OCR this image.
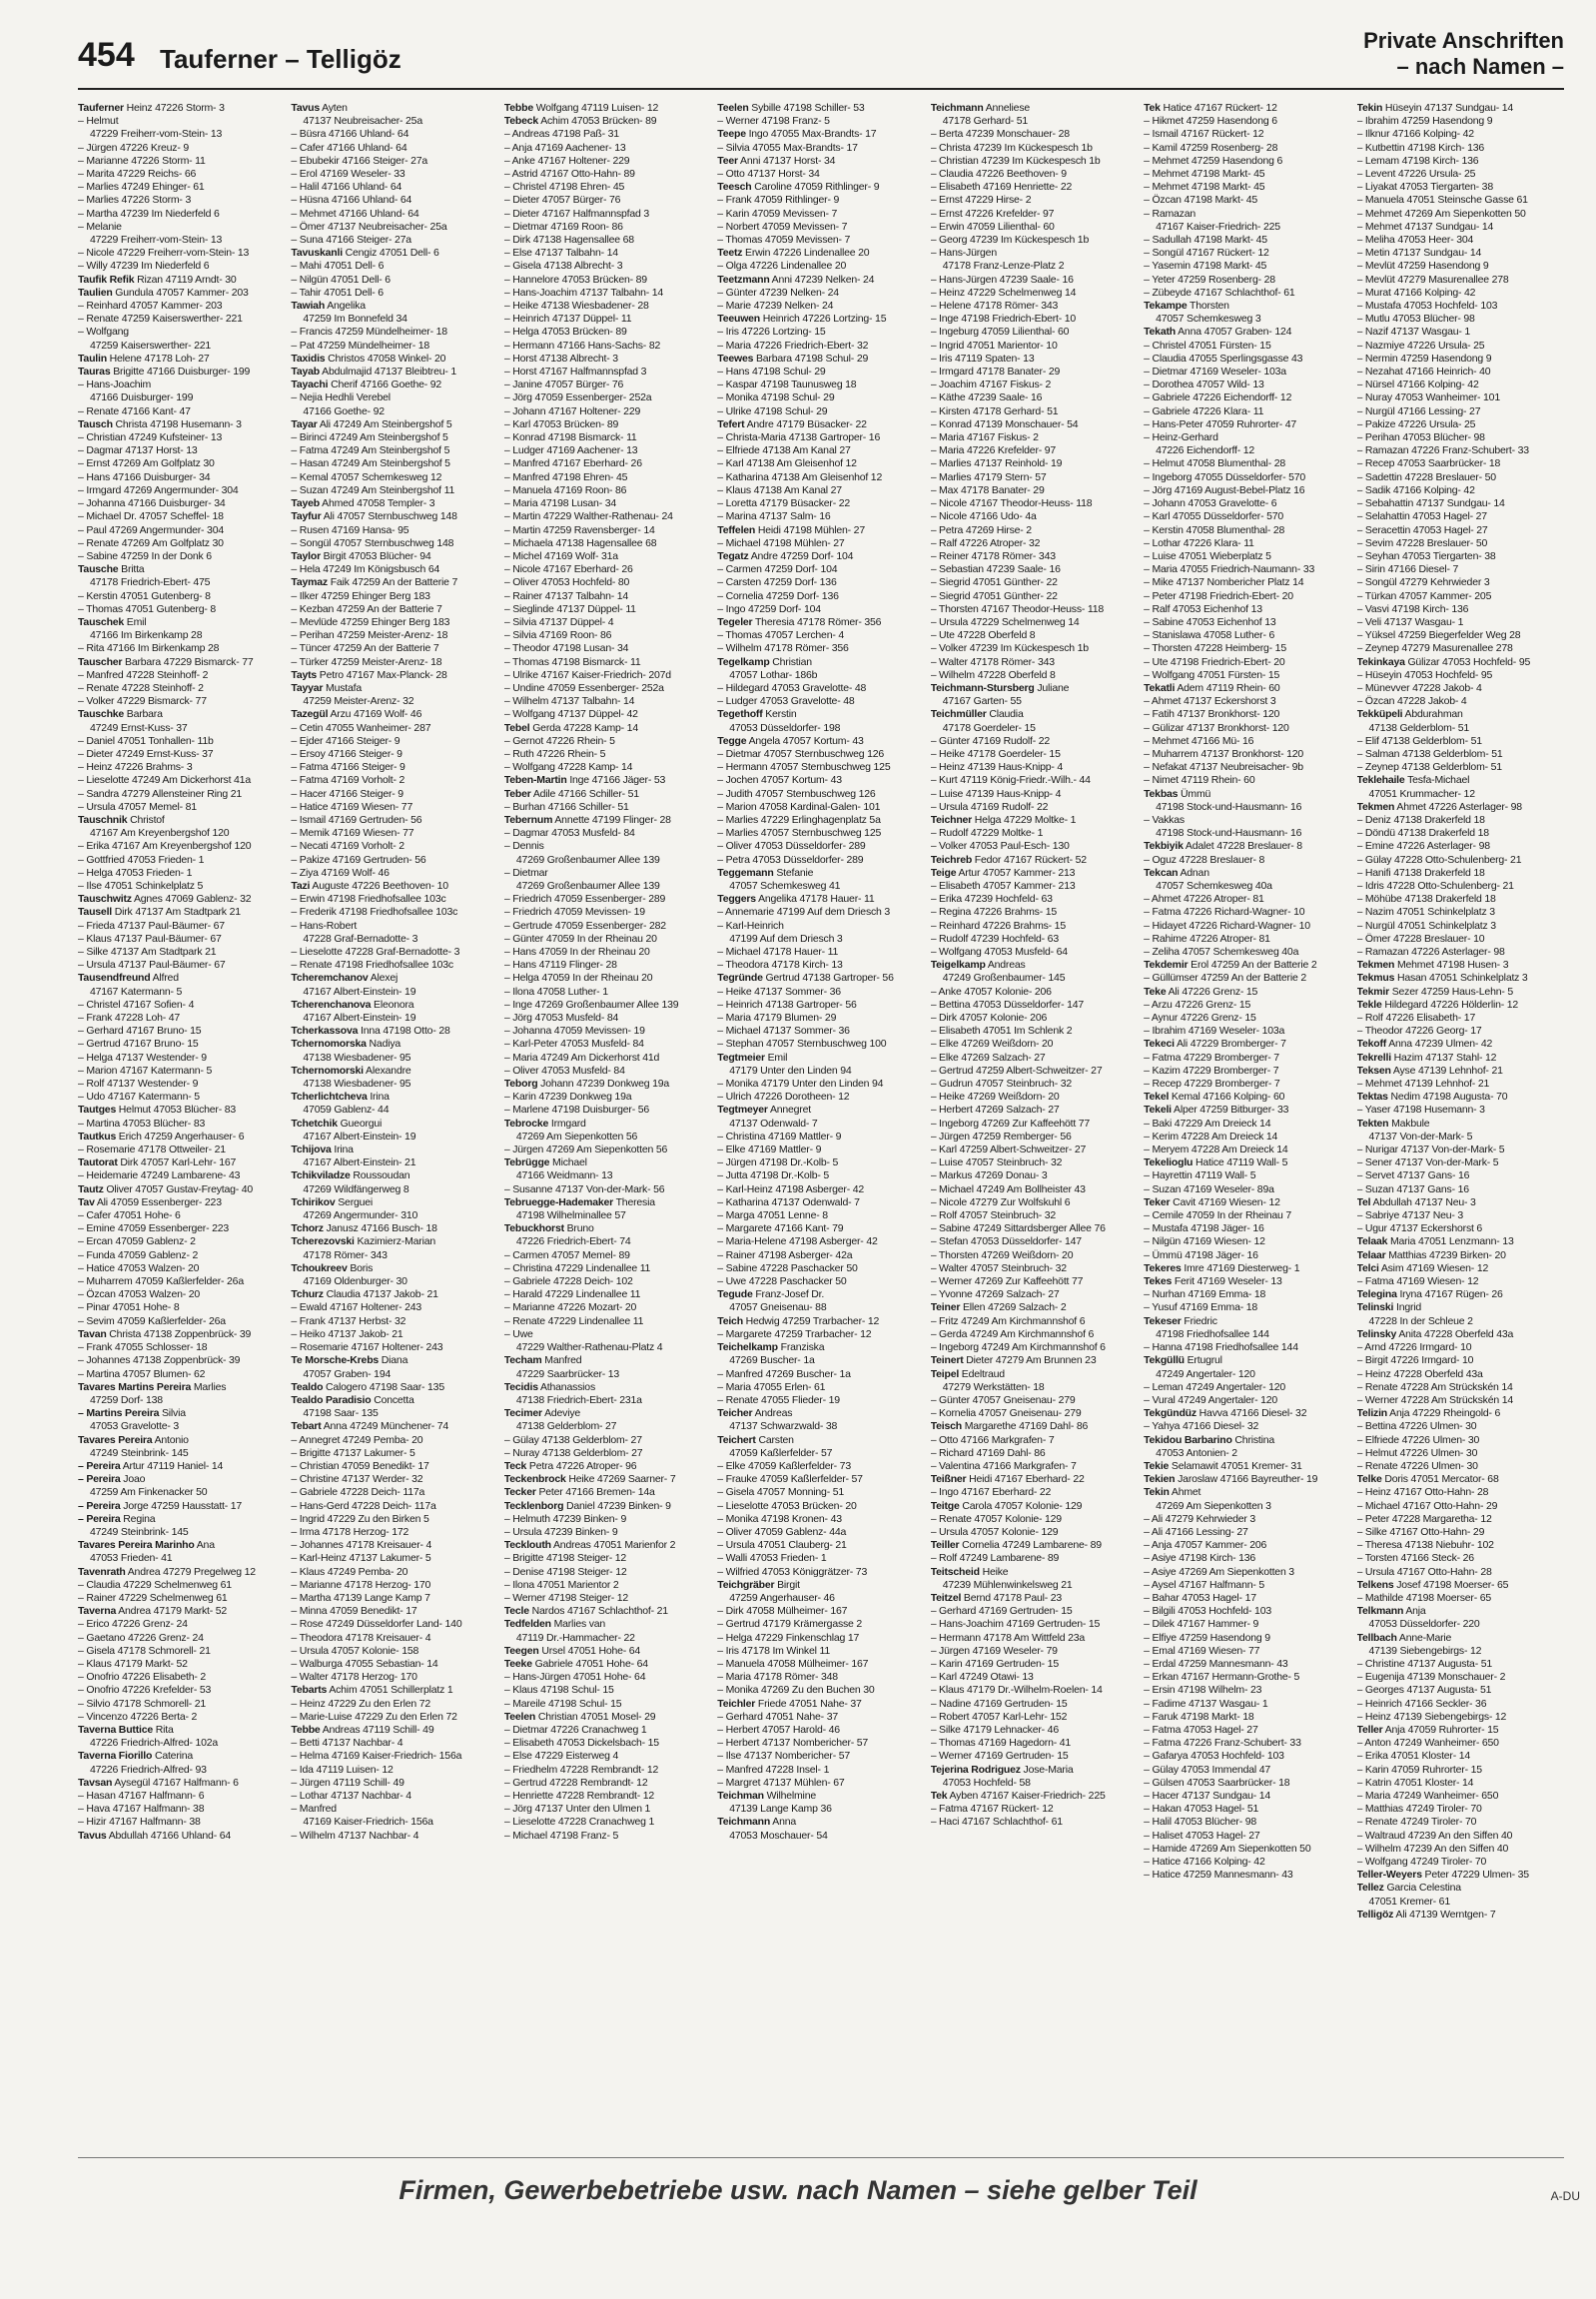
454 Tauferner – Telligöz
Private Anschriften
– nach Namen –
Tauferner Heinz 47226 Storm- 3
– Helmut
47229 Freiherr-vom-Stein- 13
– Jürgen 47226 Kreuz- 9
– Marianne 47226 Storm- 11
– Marita 47229 Reichs- 66
– Marlies 47249 Ehinger- 61
– Marlies 47226 Storm- 3
– Martha 47239 Im Niederfeld 6
– Melanie
47229 Freiherr-vom-Stein- 13
– Nicole 47229 Freiherr-vom-Stein- 13
– Willy 47239 Im Niederfeld 6
Taufik Refik Rizan 47119 Arndt- 30
Taulien Gundula 47057 Kammer- 203
– Reinhard 47057 Kammer- 203
– Renate 47259 Kaiserswerther- 221
– Wolfgang
47259 Kaiserswerther- 221
Taulin Helene 47178 Loh- 27
Tauras Brigitte 47166 Duisburger- 199
– Hans-Joachim
47166 Duisburger- 199
– Renate 47166 Kant- 47
Tausch Christa 47198 Husemann- 3
– Christian 47249 Kufsteiner- 13
– Dagmar 47137 Horst- 13
– Ernst 47269 Am Golfplatz 30
– Hans 47166 Duisburger- 34
– Irmgard 47269 Angermunder- 304
– Johanna 47166 Duisburger- 34
– Michael Dr. 47057 Scheffel- 18
– Paul 47269 Angermunder- 304
– Renate 47269 Am Golfplatz 30
– Sabine 47259 In der Donk 6
Tausche Britta
47178 Friedrich-Ebert- 475
– Kerstin 47051 Gutenberg- 8
– Thomas 47051 Gutenberg- 8
Tauschek Emil
47166 Im Birkenkamp 28
– Rita 47166 Im Birkenkamp 28
Tauscher Barbara 47229 Bismarck- 77
– Manfred 47228 Steinhoff- 2
– Renate 47228 Steinhoff- 2
– Volker 47229 Bismarck- 77
Tauschke Barbara
47249 Ernst-Kuss- 37
– Daniel 47051 Tonhallen- 11b
– Dieter 47249 Ernst-Kuss- 37
– Heinz 47226 Brahms- 3
– Lieselotte 47249 Am Dickerhorst 41a
– Sandra 47279 Allensteiner Ring 21
– Ursula 47057 Memel- 81
Tauschnik Christof
47167 Am Kreyenbergshof 120
– Erika 47167 Am Kreyenbergshof 120
– Gottfried 47053 Frieden- 1
– Helga 47053 Frieden- 1
– Ilse 47051 Schinkelplatz 5
Tauschwitz Agnes 47069 Gablenz- 32
Tausell Dirk 47137 Am Stadtpark 21
– Frieda 47137 Paul-Bäumer- 67
– Klaus 47137 Paul-Bäumer- 67
– Silke 47137 Am Stadtpark 21
– Ursula 47137 Paul-Bäumer- 67
Tausendfreund Alfred
47167 Katermann- 5
– Christel 47167 Sofien- 4
– Frank 47228 Loh- 47
– Gerhard 47167 Bruno- 15
– Gertrud 47167 Bruno- 15
– Helga 47137 Westender- 9
– Marion 47167 Katermann- 5
– Rolf 47137 Westender- 9
– Udo 47167 Katermann- 5
Tautges Helmut 47053 Blücher- 83
– Martina 47053 Blücher- 83
Tautkus Erich 47259 Angerhauser- 6
– Rosemarie 47178 Ottweiler- 21
Tautorat Dirk 47057 Karl-Lehr- 167
– Heidemarie 47249 Lambarene- 43
Tautz Oliver 47057 Gustav-Freytag- 40
Tav Ali 47059 Essenberger- 223
– Cafer 47051 Hohe- 6
– Emine 47059 Essenberger- 223
– Ercan 47059 Gablenz- 2
– Funda 47059 Gablenz- 2
– Hatice 47053 Walzen- 20
– Muharrem 47059 Kaßlerfelder- 26a
– Özcan 47053 Walzen- 20
– Pinar 47051 Hohe- 8
– Sevim 47059 Kaßlerfelder- 26a
Tavan Christa 47138 Zoppenbrück- 39
– Frank 47055 Schlosser- 18
– Johannes 47138 Zoppenbrück- 39
– Martina 47057 Blumen- 62
Tavares Martins Pereira Marlies
47259 Dorf- 138
– Martins Pereira Silvia
47053 Gravelotte- 3
Tavares Pereira Antonio
47249 Steinbrink- 145
– Pereira Artur 47119 Haniel- 14
– Pereira Joao
47259 Am Finkenacker 50
– Pereira Jorge 47259 Hausstatt- 17
– Pereira Regina
47249 Steinbrink- 145
Tavares Pereira Marinho Ana
47053 Frieden- 41
Tavenrath Andrea 47279 Pregelweg 12
– Claudia 47229 Schelmenweg 61
– Rainer 47229 Schelmenweg 61
Taverna Andrea 47179 Markt- 52
– Erico 47226 Grenz- 24
– Gaetano 47226 Grenz- 24
– Gisela 47178 Schmorell- 21
– Klaus 47179 Markt- 52
– Onofrio 47226 Elisabeth- 2
– Onofrio 47226 Krefelder- 53
– Silvio 47178 Schmorell- 21
– Vincenzo 47226 Berta- 2
Taverna Buttice Rita
47226 Friedrich-Alfred- 102a
Taverna Fiorillo Caterina
47226 Friedrich-Alfred- 93
Tavsan Aysegül 47167 Halfmann- 6
– Hasan 47167 Halfmann- 6
– Hava 47167 Halfmann- 38
– Hizir 47167 Halfmann- 38
Tavus Abdullah 47166 Uhland- 64
Tavus Ayten
47137 Neubreisacher- 25a
– Büsra 47166 Uhland- 64
– Cafer 47166 Uhland- 64
– Ebubekir 47166 Steiger- 27a
– Erol 47169 Weseler- 33
– Halil 47166 Uhland- 64
– Hüsna 47166 Uhland- 64
– Mehmet 47166 Uhland- 64
– Ömer 47137 Neubreisacher- 25a
– Suna 47166 Steiger- 27a
Tavuskanli Cengiz 47051 Dell- 6
– Mahi 47051 Dell- 6
– Nilgün 47051 Dell- 6
– Tahir 47051 Dell- 6
Tawiah Angelika
47259 Im Bonnefeld 34
– Francis 47259 Mündelheimer- 18
– Pat 47259 Mündelheimer- 18
Taxidis Christos 47058 Winkel- 20
Tayab Abdulmajid 47137 Bleibtreu- 1
Tayachi Cherif 47166 Goethe- 92
– Nejia Hedhli Verebel
47166 Goethe- 92
Tayar Ali 47249 Am Steinbergshof 5
– Birinci 47249 Am Steinbergshof 5
– Fatma 47249 Am Steinbergshof 5
– Hasan 47249 Am Steinbergshof 5
– Kemal 47057 Schemkesweg 12
– Suzan 47249 Am Steinbergshof 11
Tayeb Ahmed 47058 Templer- 3
Tayfur Ali 47057 Sternbuschweg 148
– Rusen 47169 Hansa- 95
– Songül 47057 Sternbuschweg 148
Taylor Birgit 47053 Blücher- 94
– Hela 47249 Im Königsbusch 64
Taymaz Faik 47259 An der Batterie 7
– Ilker 47259 Ehinger Berg 183
– Kezban 47259 An der Batterie 7
– Mevlüde 47259 Ehinger Berg 183
– Perihan 47259 Meister-Arenz- 18
– Tüncer 47259 An der Batterie 7
– Türker 47259 Meister-Arenz- 18
Tayts Petro 47167 Max-Planck- 28
Tayyar Mustafa
47259 Meister-Arenz- 32
Tazegül Arzu 47169 Wolf- 46
– Cetin 47055 Wanheimer- 287
– Ejder 47166 Steiger- 9
– Ersoy 47166 Steiger- 9
– Fatma 47166 Steiger- 9
– Fatma 47169 Vorholt- 2
– Hacer 47166 Steiger- 9
– Hatice 47169 Wiesen- 77
– Ismail 47169 Gertruden- 56
– Memik 47169 Wiesen- 77
– Necati 47169 Vorholt- 2
– Pakize 47169 Gertruden- 56
– Ziya 47169 Wolf- 46
Tazi Auguste 47226 Beethoven- 10
– Erwin 47198 Friedhofsallee 103c
– Frederik 47198 Friedhofsallee 103c
– Hans-Robert
47228 Graf-Bernadotte- 3
– Lieselotte 47228 Graf-Bernadotte- 3
– Renate 47198 Friedhofsallee 103c
Tcheremchanov Alexej
47167 Albert-Einstein- 19
Tcherenchanova Eleonora
47167 Albert-Einstein- 19
Tcherkassova Inna 47198 Otto- 28
Tchernomorska Nadiya
47138 Wiesbadener- 95
Tchernomorski Alexandre
47138 Wiesbadener- 95
Tcherlichtcheva Irina
47059 Gablenz- 44
Tchetchik Gueorgui
47167 Albert-Einstein- 19
Tchijova Irina
47167 Albert-Einstein- 21
Tchikviladze Roussoudan
47269 Wildfängerweg 8
Tchirikov Serguei
47269 Angermunder- 310
Tchorz Janusz 47166 Busch- 18
Tcherezovski Kazimierz-Marian
47178 Römer- 343
Tchoukreev Boris
47169 Oldenburger- 30
Tchurz Claudia 47137 Jakob- 21
– Ewald 47167 Holtener- 243
– Frank 47137 Herbst- 32
– Heiko 47137 Jakob- 21
– Rosemarie 47167 Holtener- 243
Te Morsche-Krebs Diana
47057 Graben- 194
Tealdo Calogero 47198 Saar- 135
Tealdo Paradisio Concetta
47198 Saar- 135
Tebart Anna 47249 Münchener- 74
– Annegret 47249 Pemba- 20
– Brigitte 47137 Lakumer- 5
– Christian 47059 Benedikt- 17
– Christine 47137 Werder- 32
– Gabriele 47228 Deich- 117a
– Hans-Gerd 47228 Deich- 117a
– Ingrid 47229 Zu den Birken 5
– Irma 47178 Herzog- 172
– Johannes 47178 Kreisauer- 4
– Karl-Heinz 47137 Lakumer- 5
– Klaus 47249 Pemba- 20
– Marianne 47178 Herzog- 170
– Martha 47139 Lange Kamp 7
– Minna 47059 Benedikt- 17
– Rose 47249 Düsseldorfer Land- 140
– Theodora 47178 Kreisauer- 4
– Ursula 47057 Kolonie- 158
– Walburga 47055 Sebastian- 14
– Walter 47178 Herzog- 170
Tebarts Achim 47051 Schillerplatz 1
– Heinz 47229 Zu den Erlen 72
– Marie-Luise 47229 Zu den Erlen 72
Tebbe Andreas 47119 Schill- 49
– Betti 47137 Nachbar- 4
– Helma 47169 Kaiser-Friedrich- 156a
– Ida 47119 Luisen- 12
– Jürgen 47119 Schill- 49
– Lothar 47137 Nachbar- 4
– Manfred
47169 Kaiser-Friedrich- 156a
– Wilhelm 47137 Nachbar- 4
Tebbe Wolfgang 47119 Luisen- 12
Tebeck Achim 47053 Brücken- 89
– Andreas 47198 Paß- 31
– Anja 47169 Aachener- 13
– Anke 47167 Holtener- 229
– Astrid 47167 Otto-Hahn- 89
– Christel 47198 Ehren- 45
– Dieter 47057 Bürger- 76
– Dieter 47167 Halfmannspfad 3
– Dietmar 47169 Roon- 86
– Dirk 47138 Hagensallee 68
– Else 47137 Talbahn- 14
– Gisela 47138 Albrecht- 3
– Hannelore 47053 Brücken- 89
– Hans-Joachim 47137 Talbahn- 14
– Heike 47138 Wiesbadener- 28
– Heinrich 47137 Düppel- 11
– Helga 47053 Brücken- 89
– Hermann 47166 Hans-Sachs- 82
– Horst 47138 Albrecht- 3
– Horst 47167 Halfmannspfad 3
– Janine 47057 Bürger- 76
– Jörg 47059 Essenberger- 252a
– Johann 47167 Holtener- 229
– Karl 47053 Brücken- 89
– Konrad 47198 Bismarck- 11
– Ludger 47169 Aachener- 13
– Manfred 47167 Eberhard- 26
– Manfred 47198 Ehren- 45
– Manuela 47169 Roon- 86
– Maria 47198 Lusan- 34
– Martin 47229 Walther-Rathenau- 24
– Martin 47259 Ravensberger- 14
– Michaela 47138 Hagensallee 68
– Michel 47169 Wolf- 31a
– Nicole 47167 Eberhard- 26
– Oliver 47053 Hochfeld- 80
– Rainer 47137 Talbahn- 14
– Sieglinde 47137 Düppel- 11
– Silvia 47137 Düppel- 4
– Silvia 47169 Roon- 86
– Theodor 47198 Lusan- 34
– Thomas 47198 Bismarck- 11
– Ulrike 47167 Kaiser-Friedrich- 207d
– Undine 47059 Essenberger- 252a
– Wilhelm 47137 Talbahn- 14
– Wolfgang 47137 Düppel- 42
Tebel Gerda 47228 Kamp- 14
– Gernot 47226 Rhein- 5
– Ruth 47226 Rhein- 5
– Wolfgang 47228 Kamp- 14
Teben-Martin Inge 47166 Jäger- 53
Teber Adile 47166 Schiller- 51
– Burhan 47166 Schiller- 51
Tebernum Annette 47199 Flinger- 28
– Dagmar 47053 Musfeld- 84
– Dennis
47269 Großenbaumer Allee 139
– Dietmar
47269 Großenbaumer Allee 139
– Friedrich 47059 Essenberger- 289
– Friedrich 47059 Mevissen- 19
– Gertrude 47059 Essenberger- 282
– Günter 47059 In der Rheinau 20
– Hans 47059 In der Rheinau 20
– Hans 47119 Flinger- 28
– Helga 47059 In der Rheinau 20
– Ilona 47058 Luther- 1
– Inge 47269 Großenbaumer Allee 139
– Jörg 47053 Musfeld- 84
– Johanna 47059 Mevissen- 19
– Karl-Peter 47053 Musfeld- 84
– Maria 47249 Am Dickerhorst 41d
– Oliver 47053 Musfeld- 84
Teborg Johann 47239 Donkweg 19a
– Karin 47239 Donkweg 19a
– Marlene 47198 Duisburger- 56
Tebrocke Irmgard
47269 Am Siepenkotten 56
– Jürgen 47269 Am Siepenkotten 56
Tebrügge Michael
47166 Weidmann- 13
– Susanne 47137 Von-der-Mark- 56
Tebruegge-Hademaker Theresia
47198 Wilhelminallee 57
Tebuckhorst Bruno
47226 Friedrich-Ebert- 74
– Carmen 47057 Memel- 89
– Christina 47229 Lindenallee 11
– Gabriele 47228 Deich- 102
– Harald 47229 Lindenallee 11
– Marianne 47226 Mozart- 20
– Renate 47229 Lindenallee 11
– Uwe
47229 Walther-Rathenau-Platz 4
Techam Manfred
47229 Saarbrücker- 13
Tecidis Athanassios
47138 Friedrich-Ebert- 231a
Tecimer Adeviye
47138 Gelderblom- 27
– Gülay 47138 Gelderblom- 27
– Nuray 47138 Gelderblom- 27
Teck Petra 47226 Atroper- 96
Teckenbrock Heike 47269 Saarner- 7
Tecker Peter 47166 Bremen- 14a
Tecklenborg Daniel 47239 Binken- 9
– Helmuth 47239 Binken- 9
– Ursula 47239 Binken- 9
Tecklouth Andreas 47051 Marienfor 2
– Brigitte 47198 Steiger- 12
– Denise 47198 Steiger- 12
– Ilona 47051 Marientor 2
– Werner 47198 Steiger- 12
Tecle Nardos 47167 Schlachthof- 21
Tedfelden Marlies van
47119 Dr.-Hammacher- 22
Teegen Ursel 47051 Hohe- 64
Teeke Gabriele 47051 Hohe- 64
– Hans-Jürgen 47051 Hohe- 64
– Klaus 47198 Schul- 15
– Mareile 47198 Schul- 15
Teelen Christian 47051 Mosel- 29
– Dietmar 47226 Cranachweg 1
– Elisabeth 47053 Dickelsbach- 15
– Else 47229 Eisterweg 4
– Friedhelm 47228 Rembrandt- 12
– Gertrud 47228 Rembrandt- 12
– Henriette 47228 Rembrandt- 12
– Jörg 47137 Unter den Ulmen 1
– Lieselotte 47228 Cranachweg 1
– Michael 47198 Franz- 5
Teelen Sybille 47198 Schiller- 53
– Werner 47198 Franz- 5
Teepe Ingo 47055 Max-Brandts- 17
– Silvia 47055 Max-Brandts- 17
Teer Anni 47137 Horst- 34
– Otto 47137 Horst- 34
Teesch Caroline 47059 Rithlinger- 9
– Frank 47059 Rithlinger- 9
– Karin 47059 Mevissen- 7
– Norbert 47059 Mevissen- 7
– Thomas 47059 Mevissen- 7
Teetz Erwin 47226 Lindenallee 20
– Olga 47226 Lindenallee 20
Teetzmann Anni 47239 Nelken- 24
– Günter 47239 Nelken- 24
– Marie 47239 Nelken- 24
Teeuwen Heinrich 47226 Lortzing- 15
– Iris 47226 Lortzing- 15
– Maria 47226 Friedrich-Ebert- 32
Teewes Barbara 47198 Schul- 29
– Hans 47198 Schul- 29
– Kaspar 47198 Taunusweg 18
– Monika 47198 Schul- 29
– Ulrike 47198 Schul- 29
Tefert Andre 47179 Büsacker- 22
– Christa-Maria 47138 Gartroper- 16
– Elfriede 47138 Am Kanal 27
– Karl 47138 Am Gleisenhof 12
– Katharina 47138 Am Gleisenhof 12
– Klaus 47138 Am Kanal 27
– Loretta 47179 Büsacker- 22
– Marina 47137 Salm- 16
Teffelen Heidi 47198 Mühlen- 27
– Michael 47198 Mühlen- 27
Tegatz Andre 47259 Dorf- 104
– Carmen 47259 Dorf- 104
– Carsten 47259 Dorf- 136
– Cornelia 47259 Dorf- 136
– Ingo 47259 Dorf- 104
Tegeler Theresia 47178 Römer- 356
– Thomas 47057 Lerchen- 4
– Wilhelm 47178 Römer- 356
Tegelkamp Christian
47057 Lothar- 186b
– Hildegard 47053 Gravelotte- 48
– Ludger 47053 Gravelotte- 48
Tegethoff Kerstin
47053 Düsseldorfer- 198
Tegge Angela 47057 Kortum- 43
– Dietmar 47057 Sternbuschweg 126
– Hermann 47057 Sternbuschweg 125
– Jochen 47057 Kortum- 43
– Judith 47057 Sternbuschweg 126
– Marion 47058 Kardinal-Galen- 101
– Marlies 47229 Erlinghagenplatz 5a
– Marlies 47057 Sternbuschweg 125
– Oliver 47053 Düsseldorfer- 289
– Petra 47053 Düsseldorfer- 289
Teggemann Stefanie
47057 Schemkesweg 41
Teggers Angelika 47178 Hauer- 11
– Annemarie 47199 Auf dem Driesch 3
– Karl-Heinrich
47199 Auf dem Driesch 3
– Michael 47178 Hauer- 11
– Theodora 47178 Kirch- 13
Tegründe Gertrud 47138 Gartroper- 56
– Heike 47137 Sommer- 36
– Heinrich 47138 Gartroper- 56
– Maria 47179 Blumen- 29
– Michael 47137 Sommer- 36
– Stephan 47057 Sternbuschweg 100
Tegtmeier Emil
47179 Unter den Linden 94
– Monika 47179 Unter den Linden 94
– Ulrich 47226 Dorotheen- 12
Tegtmeyer Annegret
47137 Odenwald- 7
– Christina 47169 Mattler- 9
– Elke 47169 Mattler- 9
– Jürgen 47198 Dr.-Kolb- 5
– Jutta 47198 Dr.-Kolb- 5
– Karl-Heinz 47198 Asberger- 42
– Katharina 47137 Odenwald- 7
– Marga 47051 Lenne- 8
– Margarete 47166 Kant- 79
– Maria-Helene 47198 Asberger- 42
– Rainer 47198 Asberger- 42a
– Sabine 47228 Paschacker 50
– Uwe 47228 Paschacker 50
Tegude Franz-Josef Dr.
47057 Gneisenau- 88
Teich Hedwig 47259 Trarbacher- 12
– Margarete 47259 Trarbacher- 12
Teichelkamp Franziska
47269 Buscher- 1a
– Manfred 47269 Buscher- 1a
– Maria 47055 Erlen- 61
– Renate 47055 Flieder- 19
Teicher Andreas
47137 Schwarzwald- 38
Teichert Carsten
47059 Kaßlerfelder- 57
– Elke 47059 Kaßlerfelder- 73
– Frauke 47059 Kaßlerfelder- 57
– Gisela 47057 Monning- 51
– Lieselotte 47053 Brücken- 20
– Monika 47198 Kronen- 43
– Oliver 47059 Gablenz- 44a
– Ursula 47051 Clauberg- 21
– Walli 47053 Frieden- 1
– Wilfried 47053 Königgrätzer- 73
Teichgräber Birgit
47259 Angerhauser- 46
– Dirk 47058 Mülheimer- 167
– Gertrud 47179 Krämergasse 2
– Helga 47229 Finkenschlag 17
– Iris 47178 Im Winkel 11
– Manuela 47058 Mülheimer- 167
– Maria 47178 Römer- 348
– Monika 47269 Zu den Buchen 30
Teichler Friede 47051 Nahe- 37
– Gerhard 47051 Nahe- 37
– Herbert 47057 Harold- 46
– Herbert 47137 Nombericher- 57
– Ilse 47137 Nombericher- 57
– Manfred 47228 Insel- 1
– Margret 47137 Mühlen- 67
Teichman Wilhelmine
47139 Lange Kamp 36
Teichmann Anna
47053 Moschauer- 54
Teichmann Anneliese
47178 Gerhard- 51
– Berta 47239 Monschauer- 28
– Christa 47239 Im Kückespesch 1b
– Christian 47239 Im Kückespesch 1b
– Claudia 47226 Beethoven- 9
– Elisabeth 47169 Henriette- 22
– Ernst 47229 Hirse- 2
– Ernst 47226 Krefelder- 97
– Erwin 47059 Lilienthal- 60
– Georg 47239 Im Kückespesch 1b
– Hans-Jürgen
47178 Franz-Lenze-Platz 2
– Hans-Jürgen 47239 Saale- 16
– Heinz 47229 Schelmenweg 14
– Helene 47178 Römer- 343
– Inge 47198 Friedrich-Ebert- 10
– Ingeburg 47059 Lilienthal- 60
– Ingrid 47051 Marientor- 10
– Iris 47119 Spaten- 13
– Irmgard 47178 Banater- 29
– Joachim 47167 Fiskus- 2
– Käthe 47239 Saale- 16
– Kirsten 47178 Gerhard- 51
– Konrad 47139 Monschauer- 54
– Maria 47167 Fiskus- 2
– Maria 47226 Krefelder- 97
– Marlies 47137 Reinhold- 19
– Marlies 47179 Stern- 57
– Max 47178 Banater- 29
– Nicole 47167 Theodor-Heuss- 118
– Nicole 47166 Udo- 4a
– Petra 47269 Hirse- 2
– Ralf 47226 Atroper- 32
– Reiner 47178 Römer- 343
– Sebastian 47239 Saale- 16
– Siegrid 47051 Günther- 22
– Siegrid 47051 Günther- 22
– Thorsten 47167 Theodor-Heuss- 118
– Ursula 47229 Schelmenweg 14
– Ute 47228 Oberfeld 8
– Volker 47239 Im Kückespesch 1b
– Walter 47178 Römer- 343
– Wilhelm 47228 Oberfeld 8
Teichmann-Stursberg Juliane
47167 Garten- 55
Teichmüller Claudia
47178 Goerdeler- 15
– Günter 47169 Rudolf- 22
– Heike 47178 Goerdeler- 15
– Heinz 47139 Haus-Knipp- 4
– Kurt 47119 König-Friedr.-Wilh.- 44
– Luise 47139 Haus-Knipp- 4
– Ursula 47169 Rudolf- 22
Teichner Helga 47229 Moltke- 1
– Rudolf 47229 Moltke- 1
– Volker 47053 Paul-Esch- 130
Teichreb Fedor 47167 Rückert- 52
Teige Artur 47057 Kammer- 213
– Elisabeth 47057 Kammer- 213
– Erika 47239 Hochfeld- 63
– Regina 47226 Brahms- 15
– Reinhard 47226 Brahms- 15
– Rudolf 47239 Hochfeld- 63
– Wolfgang 47053 Musfeld- 64
Teigelkamp Andreas
47249 Großenbaumer- 145
– Anke 47057 Kolonie- 206
– Bettina 47053 Düsseldorfer- 147
– Dirk 47057 Kolonie- 206
– Elisabeth 47051 Im Schlenk 2
– Elke 47269 Weißdorn- 20
– Elke 47269 Salzach- 27
– Gertrud 47259 Albert-Schweitzer- 27
– Gudrun 47057 Steinbruch- 32
– Heike 47269 Weißdorn- 20
– Herbert 47269 Salzach- 27
– Ingeborg 47269 Zur Kaffeehött 77
– Jürgen 47259 Remberger- 56
– Karl 47259 Albert-Schweitzer- 27
– Luise 47057 Steinbruch- 32
– Markus 47269 Donau- 3
– Michael 47249 Am Bollheister 43
– Nicole 47279 Zur Wolfskuhl 6
– Rolf 47057 Steinbruch- 32
– Sabine 47249 Sittardsberger Allee 76
– Stefan 47053 Düsseldorfer- 147
– Thorsten 47269 Weißdorn- 20
– Walter 47057 Steinbruch- 32
– Werner 47269 Zur Kaffeehött 77
– Yvonne 47269 Salzach- 27
Teiner Ellen 47269 Salzach- 2
– Fritz 47249 Am Kirchmannshof 6
– Gerda 47249 Am Kirchmannshof 6
– Ingeborg 47249 Am Kirchmannshof 6
Teinert Dieter 47279 Am Brunnen 23
Teipel Edeltraud
47279 Werkstätten- 18
– Günter 47057 Gneisenau- 279
– Kornelia 47057 Gneisenau- 279
Teisch Margarethe 47169 Dahl- 86
– Otto 47166 Markgrafen- 7
– Richard 47169 Dahl- 86
– Valentina 47166 Markgrafen- 7
Teißner Heidi 47167 Eberhard- 22
– Ingo 47167 Eberhard- 22
Teitge Carola 47057 Kolonie- 129
– Renate 47057 Kolonie- 129
– Ursula 47057 Kolonie- 129
Teiller Cornelia 47249 Lambarene- 89
– Rolf 47249 Lambarene- 89
Teitscheid Heike
47239 Mühlenwinkelsweg 21
Teitzel Bernd 47178 Paul- 23
– Gerhard 47169 Gertruden- 15
– Hans-Joachim 47169 Gertruden- 15
– Hermann 47178 Am Wittfeld 23a
– Jürgen 47169 Weseler- 79
– Karin 47169 Gertruden- 15
– Karl 47249 Otawi- 13
– Klaus 47179 Dr.-Wilhelm-Roelen- 14
– Nadine 47169 Gertruden- 15
– Robert 47057 Karl-Lehr- 152
– Silke 47179 Lehnacker- 46
– Thomas 47169 Hagedorn- 41
– Werner 47169 Gertruden- 15
Tejerina Rodriguez Jose-Maria
47053 Hochfeld- 58
Tek Ayben 47167 Kaiser-Friedrich- 225
– Fatma 47167 Rückert- 12
– Haci 47167 Schlachthof- 61
Tek Hatice 47167 Rückert- 12
– Hikmet 47259 Hasendong 6
– Ismail 47167 Rückert- 12
– Kamil 47259 Rosenberg- 28
– Mehmet 47259 Hasendong 6
– Mehmet 47198 Markt- 45
– Mehmet 47198 Markt- 45
– Özcan 47198 Markt- 45
– Ramazan
47167 Kaiser-Friedrich- 225
– Sadullah 47198 Markt- 45
– Songül 47167 Rückert- 12
– Yasemin 47198 Markt- 45
– Yeter 47259 Rosenberg- 28
– Zübeyde 47167 Schlachthof- 61
Tekampe Thorsten
47057 Schemkesweg 3
Tekath Anna 47057 Graben- 124
– Christel 47051 Fürsten- 15
– Claudia 47055 Sperlingsgasse 43
– Dietmar 47169 Weseler- 103a
– Dorothea 47057 Wild- 13
– Gabriele 47226 Eichendorff- 12
– Gabriele 47226 Klara- 11
– Hans-Peter 47059 Ruhrorter- 47
– Heinz-Gerhard
47226 Eichendorff- 12
– Helmut 47058 Blumenthal- 28
– Ingeborg 47055 Düsseldorfer- 570
– Jörg 47169 August-Bebel-Platz 16
– Johann 47053 Gravelotte- 6
– Karl 47055 Düsseldorfer- 570
– Kerstin 47058 Blumenthal- 28
– Lothar 47226 Klara- 11
– Luise 47051 Wieberplatz 5
– Maria 47055 Friedrich-Naumann- 33
– Mike 47137 Nombericher Platz 14
– Peter 47198 Friedrich-Ebert- 20
– Ralf 47053 Eichenhof 13
– Sabine 47053 Eichenhof 13
– Stanislawa 47058 Luther- 6
– Thorsten 47228 Heimberg- 15
– Ute 47198 Friedrich-Ebert- 20
– Wolfgang 47051 Fürsten- 15
Tekatli Adem 47119 Rhein- 60
– Ahmet 47137 Eckershorst 3
– Fatih 47137 Bronkhorst- 120
– Gülizar 47137 Bronkhorst- 120
– Mehmet 47166 Mü- 16
– Muharrem 47137 Bronkhorst- 120
– Nefakat 47137 Neubreisacher- 9b
– Nimet 47119 Rhein- 60
Tekbas Ümmü
47198 Stock-und-Hausmann- 16
– Vakkas
47198 Stock-und-Hausmann- 16
Tekbiyik Adalet 47228 Breslauer- 8
– Oguz 47228 Breslauer- 8
Tekcan Adnan
47057 Schemkesweg 40a
– Ahmet 47226 Atroper- 81
– Fatma 47226 Richard-Wagner- 10
– Hidayet 47226 Richard-Wagner- 10
– Rahime 47226 Atroper- 81
– Zeliha 47057 Schemkesweg 40a
Tekdemir Erol 47259 An der Batterie 2
– Güllümser 47259 An der Batterie 2
Teke Ali 47226 Grenz- 15
– Arzu 47226 Grenz- 15
– Aynur 47226 Grenz- 15
– Ibrahim 47169 Weseler- 103a
Tekeci Ali 47229 Bromberger- 7
– Fatma 47229 Bromberger- 7
– Kazim 47229 Bromberger- 7
– Recep 47229 Bromberger- 7
Tekel Kemal 47166 Kolping- 60
Tekeli Alper 47259 Bitburger- 33
– Baki 47229 Am Dreieck 14
– Kerim 47228 Am Dreieck 14
– Meryem 47228 Am Dreieck 14
Tekelioglu Hatice 47119 Wall- 5
– Hayrettin 47119 Wall- 5
– Suzan 47169 Weseler- 89a
Teker Cavit 47169 Wiesen- 12
– Cemile 47059 In der Rheinau 7
– Mustafa 47198 Jäger- 16
– Nilgün 47169 Wiesen- 12
– Ümmü 47198 Jäger- 16
Tekeres Imre 47169 Diesterweg- 1
Tekes Ferit 47169 Weseler- 13
– Nurhan 47169 Emma- 18
– Yusuf 47169 Emma- 18
Tekeser Friedric
47198 Friedhofsallee 144
– Hanna 47198 Friedhofsallee 144
Tekgüllü Ertugrul
47249 Angertaler- 120
– Leman 47249 Angertaler- 120
– Vural 47249 Angertaler- 120
Tekgündüz Havva 47166 Diesel- 32
– Yahya 47166 Diesel- 32
Tekidou Barbarino Christina
47053 Antonien- 2
Tekie Selamawit 47051 Kremer- 31
Tekien Jaroslaw 47166 Bayreuther- 19
Tekin Ahmet
47269 Am Siepenkotten 3
– Ali 47279 Kehrwieder 3
– Ali 47166 Lessing- 27
– Anja 47057 Kammer- 206
– Asiye 47198 Kirch- 136
– Asiye 47269 Am Siepenkotten 3
– Aysel 47167 Halfmann- 5
– Bahar 47053 Hagel- 17
– Bilgili 47053 Hochfeld- 103
– Dilek 47167 Hammer- 9
– Elfiye 47259 Hasendong 9
– Emal 47169 Wiesen- 77
– Erdal 47259 Mannesmann- 43
– Erkan 47167 Hermann-Grothe- 5
– Ersin 47198 Wilhelm- 23
– Fadime 47137 Wasgau- 1
– Faruk 47198 Markt- 18
– Fatma 47053 Hagel- 27
– Fatma 47226 Franz-Schubert- 33
– Gafarya 47053 Hochfeld- 103
– Gülay 47053 Immendal 47
– Gülsen 47053 Saarbrücker- 18
– Hacer 47137 Sundgau- 14
– Hakan 47053 Hagel- 51
– Halil 47053 Blücher- 98
– Haliset 47053 Hagel- 27
– Hamide 47269 Am Siepenkotten 50
– Hatice 47166 Kolping- 42
– Hatice 47259 Mannesmann- 43
Tekin Hüseyin 47137 Sundgau- 14
– Ibrahim 47259 Hasendong 9
– Ilknur 47166 Kolping- 42
– Kutbettin 47198 Kirch- 136
– Lemam 47198 Kirch- 136
– Levent 47226 Ursula- 25
– Liyakat 47053 Tiergarten- 38
– Manuela 47051 Steinsche Gasse 61
– Mehmet 47269 Am Siepenkotten 50
– Mehmet 47137 Sundgau- 14
– Meliha 47053 Heer- 304
– Metin 47137 Sundgau- 14
– Mevlüt 47259 Hasendong 9
– Mevlüt 47279 Masurenallee 278
– Murat 47166 Kolping- 42
– Mustafa 47053 Hochfeld- 103
– Mutlu 47053 Blücher- 98
– Nazif 47137 Wasgau- 1
– Nazmiye 47226 Ursula- 25
– Nermin 47259 Hasendong 9
– Nezahat 47166 Heinrich- 40
– Nürsel 47166 Kolping- 42
– Nuray 47053 Wanheimer- 101
– Nurgül 47166 Lessing- 27
– Pakize 47226 Ursula- 25
– Perihan 47053 Blücher- 98
– Ramazan 47226 Franz-Schubert- 33
– Recep 47053 Saarbrücker- 18
– Sadettin 47228 Breslauer- 50
– Sadik 47166 Kolping- 42
– Sebahattin 47137 Sundgau- 14
– Selahattin 47053 Hagel- 27
– Seracettin 47053 Hagel- 27
– Sevim 47228 Breslauer- 50
– Seyhan 47053 Tiergarten- 38
– Sirin 47166 Diesel- 7
– Songül 47279 Kehrwieder 3
– Türkan 47057 Kammer- 205
– Vasvi 47198 Kirch- 136
– Veli 47137 Wasgau- 1
– Yüksel 47259 Biegerfelder Weg 28
– Zeynep 47279 Masurenallee 278
Tekinkaya Gülizar 47053 Hochfeld- 95
– Hüseyin 47053 Hochfeld- 95
– Münevver 47228 Jakob- 4
– Özcan 47228 Jakob- 4
Tekküpeli Abdurahman
47138 Gelderblom- 51
– Elif 47138 Gelderblom- 51
– Salman 47138 Gelderblom- 51
– Zeynep 47138 Gelderblom- 51
Teklehaile Tesfa-Michael
47051 Krummacher- 12
Tekmen Ahmet 47226 Asterlager- 98
– Deniz 47138 Drakerfeld 18
– Döndü 47138 Drakerfeld 18
– Emine 47226 Asterlager- 98
– Gülay 47228 Otto-Schulenberg- 21
– Hanifi 47138 Drakerfeld 18
– Idris 47228 Otto-Schulenberg- 21
– Möhübe 47138 Drakerfeld 18
– Nazim 47051 Schinkelplatz 3
– Nurgül 47051 Schinkelplatz 3
– Ömer 47228 Breslauer- 10
– Ramazan 47226 Asterlager- 98
Tekmen Mehmet 47198 Husen- 3
Tekmus Hasan 47051 Schinkelplatz 3
Tekmir Sezer 47259 Haus-Lehn- 5
Tekle Hildegard 47226 Hölderlin- 12
– Rolf 47226 Elisabeth- 17
– Theodor 47226 Georg- 17
Tekoff Anna 47239 Ulmen- 42
Tekrelli Hazim 47137 Stahl- 12
Teksen Ayse 47139 Lehnhof- 21
– Mehmet 47139 Lehnhof- 21
Tektas Nedim 47198 Augusta- 70
– Yaser 47198 Husemann- 3
Tekten Makbule
47137 Von-der-Mark- 5
– Nurigar 47137 Von-der-Mark- 5
– Sener 47137 Von-der-Mark- 5
– Servet 47137 Gans- 16
– Suzan 47137 Gans- 16
Tel Abdullah 47137 Neu- 3
– Sabriye 47137 Neu- 3
– Ugur 47137 Eckershorst 6
Telaak Maria 47051 Lenzmann- 13
Telaar Matthias 47239 Birken- 20
Telci Asim 47169 Wiesen- 12
– Fatma 47169 Wiesen- 12
Telegina Iryna 47167 Rügen- 26
Telinski Ingrid
47228 In der Schleue 2
Telinsky Anita 47228 Oberfeld 43a
– Arnd 47226 Irmgard- 10
– Birgit 47226 Irmgard- 10
– Heinz 47228 Oberfeld 43a
– Renate 47228 Am Strückskén 14
– Werner 47228 Am Strückskén 14
Telizin Anja 47229 Rheingold- 6
– Bettina 47226 Ulmen- 30
– Elfriede 47226 Ulmen- 30
– Helmut 47226 Ulmen- 30
– Renate 47226 Ulmen- 30
Telke Doris 47051 Mercator- 68
– Heinz 47167 Otto-Hahn- 28
– Michael 47167 Otto-Hahn- 29
– Peter 47228 Margaretha- 12
– Silke 47167 Otto-Hahn- 29
– Theresa 47138 Niebuhr- 102
– Torsten 47166 Steck- 26
– Ursula 47167 Otto-Hahn- 28
Telkens Josef 47198 Moerser- 65
– Mathilde 47198 Moerser- 65
Telkmann Anja
47053 Düsseldorfer- 220
Tellbach Anne-Marie
47139 Siebengebirgs- 12
– Christine 47137 Augusta- 51
– Eugenija 47139 Monschauer- 2
– Georges 47137 Augusta- 51
– Heinrich 47166 Seckler- 36
– Heinz 47139 Siebengebirgs- 12
Teller Anja 47059 Ruhrorter- 15
– Anton 47249 Wanheimer- 650
– Erika 47051 Kloster- 14
– Karin 47059 Ruhrorter- 15
– Katrin 47051 Kloster- 14
– Maria 47249 Wanheimer- 650
– Matthias 47249 Tiroler- 70
– Renate 47249 Tiroler- 70
– Waltraud 47239 An den Siffen 40
– Wilhelm 47239 An den Siffen 40
– Wolfgang 47249 Tiroler- 70
Teller-Weyers Peter 47229 Ulmen- 35
Tellez Garcia Celestina
47051 Kremer- 61
Telligöz Ali 47139 Werntgen- 7
Firmen, Gewerbebetriebe usw. nach Namen – siehe gelber Teil	A-DU
